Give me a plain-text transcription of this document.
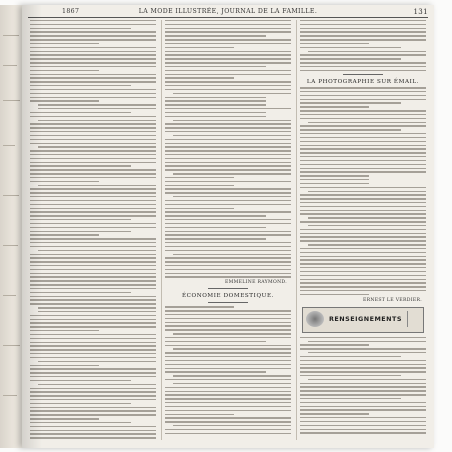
1867	LA MODE ILLUSTRÉE, JOURNAL DE LA FAMILLE.	131
EMMELINE RAYMOND.
ÉCONOMIE DOMESTIQUE.
LA PHOTOGRAPHIE SUR ÉMAIL.
ERNEST LE VERDIER.
RENSEIGNEMENTS
